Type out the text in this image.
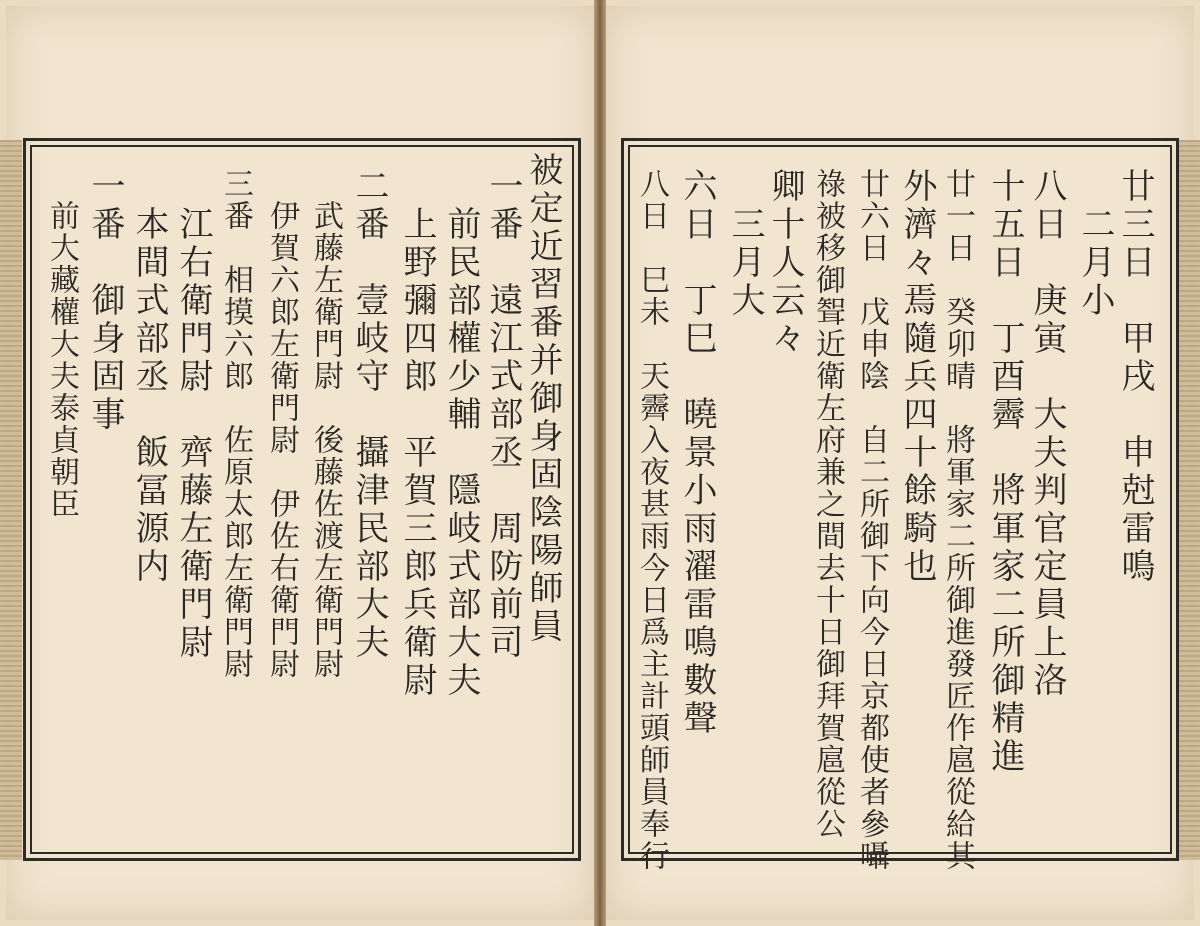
廿三日　甲戌　申尅雷鳴
　二月小
八日　庚寅　大夫判官定員上洛
十五日　丁酉霽　將軍家二所御精進
廿一日　癸卯晴　將軍家二所御進發匠作扈從給其
外濟々焉隨兵四十餘騎也
廿六日　戊申陰　自二所御下向今日京都使者參囁
祿被移御聟近衛左府兼之間去十日御拜賀扈從公
卿十人云々
　三月大
六日　丁巳　曉景小雨濯雷鳴數聲
八日　巳未　天霽入夜甚雨今日爲主計頭師員奉行
被定近習番并御身固陰陽師員
一番　遠江式部丞　周防前司
　前民部權少輔　隱岐式部大夫
　上野彌四郎　平賀三郎兵衛尉
二番　壹岐守　攝津民部大夫
　武藤左衛門尉　後藤佐渡左衛門尉
　伊賀六郎左衛門尉　伊佐右衛門尉
三番　相摸六郎　佐原太郎左衛門尉
　江右衛門尉　齊藤左衛門尉
　本間式部丞　飯冨源内
一番　御身固事
　前大藏權大夫泰貞朝臣
